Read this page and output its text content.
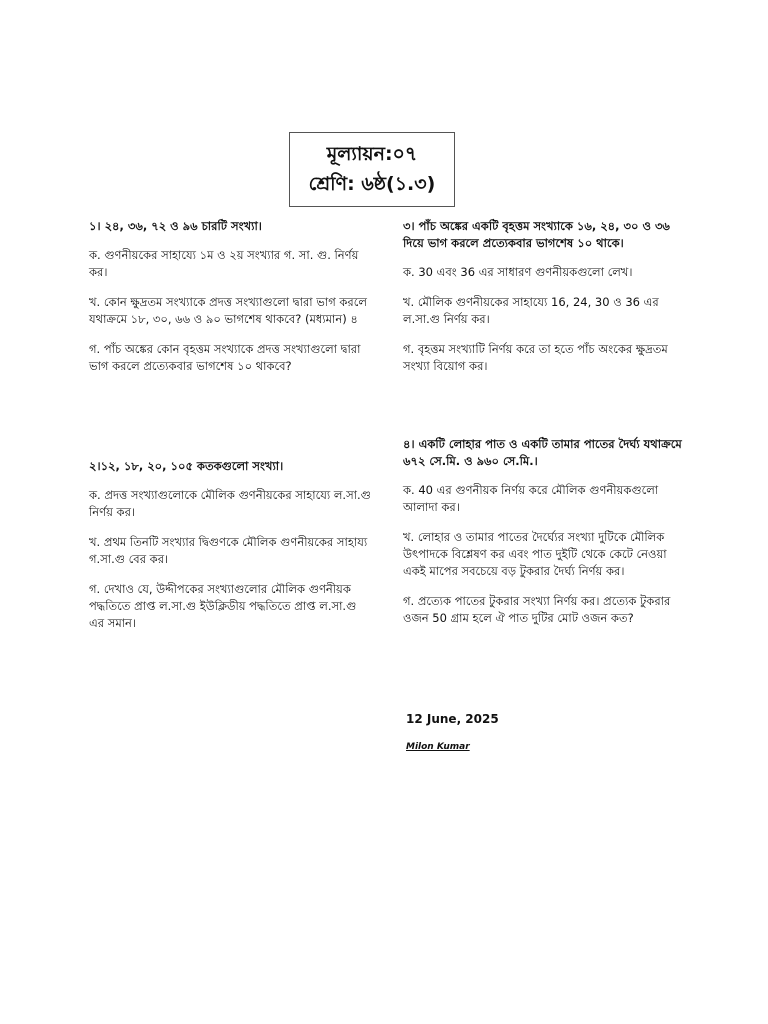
মূল্যায়ন:০৭
শ্রেণি: ৬ষ্ঠ(১.৩)

১। ২৪, ৩৬, ৭২ ও ৯৬ চারটি সংখ্যা।

ক. গুণনীয়কের সাহায্যে ১ম ও ২য় সংখ্যার গ. সা. গু. নির্ণয় কর।

খ. কোন ক্ষুদ্রতম সংখ্যাকে প্রদত্ত সংখ্যাগুলো দ্বারা ভাগ করলে যথাক্রমে ১৮, ৩০, ৬৬ ও ৯০ ভাগশেষ থাকবে? (মধ্যমান) ৪

গ. পাঁচ অঙ্কের কোন বৃহত্তম সংখ্যাকে প্রদত্ত সংখ্যাগুলো দ্বারা ভাগ করলে প্রত্যেকবার ভাগশেষ ১০ থাকবে?

২।১২, ১৮, ২০, ১০৫ কতকগুলো সংখ্যা।

ক. প্রদত্ত সংখ্যাগুলোকে মৌলিক গুণনীয়কের সাহায্যে ল.সা.গু নির্ণয় কর।

খ. প্রথম তিনটি সংখ্যার দ্বিগুণকে মৌলিক গুণনীয়কের সাহায্য গ.সা.গু বের কর।

গ. দেখাও যে, উদ্দীপকের সংখ্যাগুলোর মৌলিক গুণনীয়ক পদ্ধতিতে প্রাপ্ত ল.সা.গু ইউক্লিডীয় পদ্ধতিতে প্রাপ্ত ল.সা.গু এর সমান।

৩। পাঁচ অঙ্কের একটি বৃহত্তম সংখ্যাকে ১৬, ২৪, ৩০ ও ৩৬ দিয়ে ভাগ করলে প্রত্যেকবার ভাগশেষ ১০ থাকে।

ক. 30 এবং 36 এর সাধারণ গুণনীয়কগুলো লেখ।

খ. মৌলিক গুণনীয়কের সাহায্যে 16, 24, 30 ও 36 এর ল.সা.গু নির্ণয় কর।

গ. বৃহত্তম সংখ্যাটি নির্ণয় করে তা হতে পাঁচ অংকের ক্ষুদ্রতম সংখ্যা বিয়োগ কর।

৪। একটি লোহার পাত ও একটি তামার পাতের দৈর্ঘ্য যথাক্রমে ৬৭২ সে.মি. ও ৯৬০ সে.মি.।

ক. 40 এর গুণনীয়ক নির্ণয় করে মৌলিক গুণনীয়কগুলো আলাদা কর।

খ. লোহার ও তামার পাতের দৈর্ঘ্যের সংখ্যা দুটিকে মৌলিক উৎপাদকে বিশ্লেষণ কর এবং পাত দুইটি থেকে কেটে নেওয়া একই মাপের সবচেয়ে বড় টুকরার দৈর্ঘ্য নির্ণয় কর।

গ. প্রত্যেক পাতের টুকরার সংখ্যা নির্ণয় কর। প্রত্যেক টুকরার ওজন 50 গ্রাম হলে ঐ পাত দুটির মোট ওজন কত?

12 June, 2025
Milon Kumar
